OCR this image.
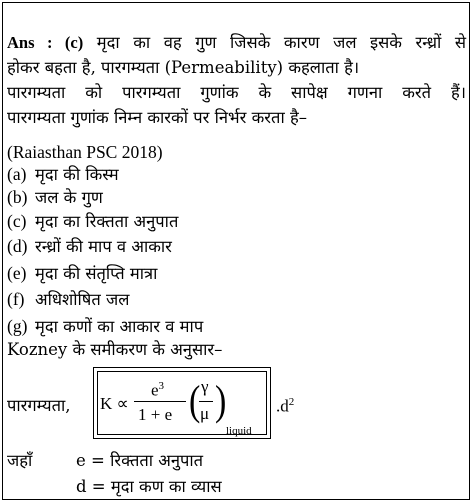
Ans : (c) मृदा का वह गुण जिसके कारण जल इसके रन्ध्रों से
होकर बहता है, पारगम्यता (Permeability) कहलाता है।
पारगम्यता को पारगम्यता गुणांक के सापेक्ष गणना करते हैं।
पारगम्यता गुणांक निम्न कारकों पर निर्भर करता है–
(Raiasthan PSC 2018)
(a) मृदा की किस्म
(b) जल के गुण
(c) मृदा का रिक्तता अनुपात
(d) रन्ध्रों की माप व आकार
(e) मृदा की संतृप्ति मात्रा
(f) अधिशोषित जल
(g) मृदा कणों का आकार व माप
Kozney के समीकरण के अनुसार–
पारगम्यता, K ∝
$e^3$
1 + e ( γ
μ )
liquid
$.d^2$
जहाँ	e = रिक्तता अनुपात
d = मृदा कण का व्यास
